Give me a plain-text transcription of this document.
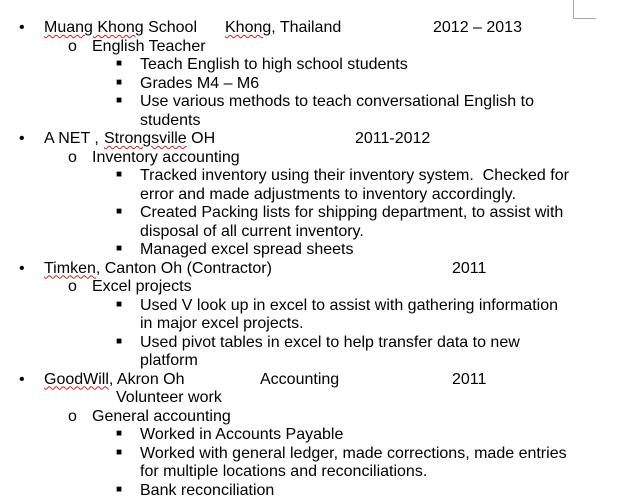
• Muang Khong School Khong, Thailand	2012 – 2013
o English Teacher
■ Teach English to high school students
■ Grades M4 – M6
■ Use various methods to teach conversational English to students
• A NET , Strongsville OH	2011-2012
o Inventory accounting
■ Tracked inventory using their inventory system.  Checked for error and made adjustments to inventory accordingly.
■ Created Packing lists for shipping department, to assist with disposal of all current inventory.
■ Managed excel spread sheets
• Timken, Canton Oh (Contractor)	2011
o Excel projects
■ Used V look up in excel to assist with gathering information in major excel projects.
■ Used pivot tables in excel to help transfer data to new platform
• GoodWill, Akron Oh	Accounting	2011
Volunteer work
o General accounting
■ Worked in Accounts Payable
■ Worked with general ledger, made corrections, made entries for multiple locations and reconciliations.
■ Bank reconciliation
